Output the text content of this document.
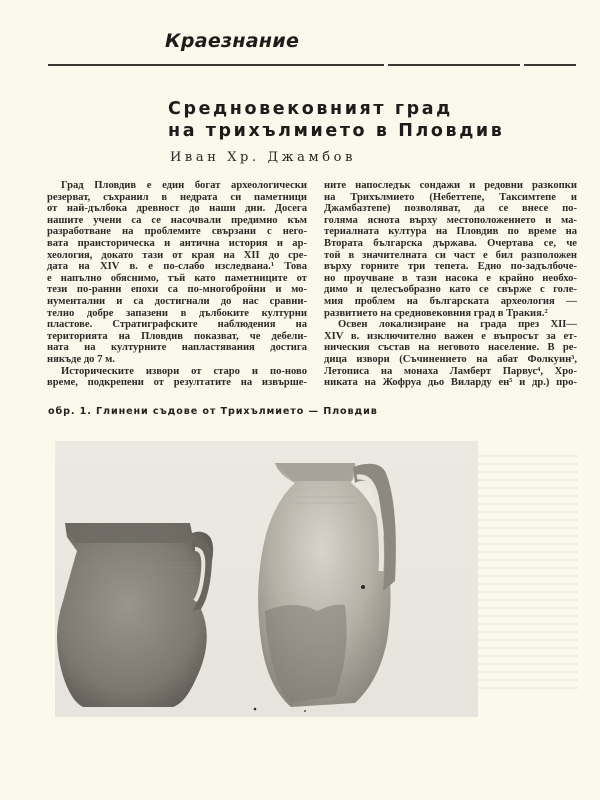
Краезнание
Средновековният град
на трихълмието в Пловдив
Иван Хр. Джамбов
Град Пловдив е един богат археологически
резерват, съхранил в недрата си паметници
от най-дълбока древност до наши дни. Досега
нашите учени са се насочвали предимно към
разработване на проблемите свързани с него-
вата праисторическа и антична история и ар-
хеология, докато тази от края на XII до сре-
дата на XIV в. е по-слабо изследвана.¹ Това
е напълно обяснимо, тъй като паметниците от
тези по-ранни епохи са по-многобройни и мо-
нументални и са достигнали до нас сравни-
телно добре запазени в дълбоките културни
пластове. Стратиграфските наблюдения на
територията на Пловдив показват, че дебели-
ната на културните напластявания достига
някъде до 7 м.
Историческите извори от старо и по-ново
време, подкрепени от резултатите на извърше-
ните напоследък сондажи и редовни разкопки
на Трихълмието (Небеттепе, Таксимтепе и
Джамбазтепе) позволяват, да се внесе по-
голяма яснота върху местоположението и ма-
териалната култура на Пловдив по време на
Втората българска държава. Очертава се, че
той в значителната си част е бил разположен
върху горните три тепета. Едно по-задълбоче-
но проучване в тази насока е крайно необхо-
димо и целесъобразно като се свърже с голе-
мия проблем на българската археология —
развитието на средновековния град в Тракия.²
Освен локализиране на града през XII—
XIV в. изключително важен е въпросът за ет-
ническия състав на неговото население. В ре-
дица извори (Съчинението на абат Фолкуин³,
Летописа на монаха Ламберт Парвус⁴, Хро-
никата на Жофруа дьо Виларду ен⁵ и др.) про-
обр. 1. Глинени съдове от Трихълмието — Пловдив
